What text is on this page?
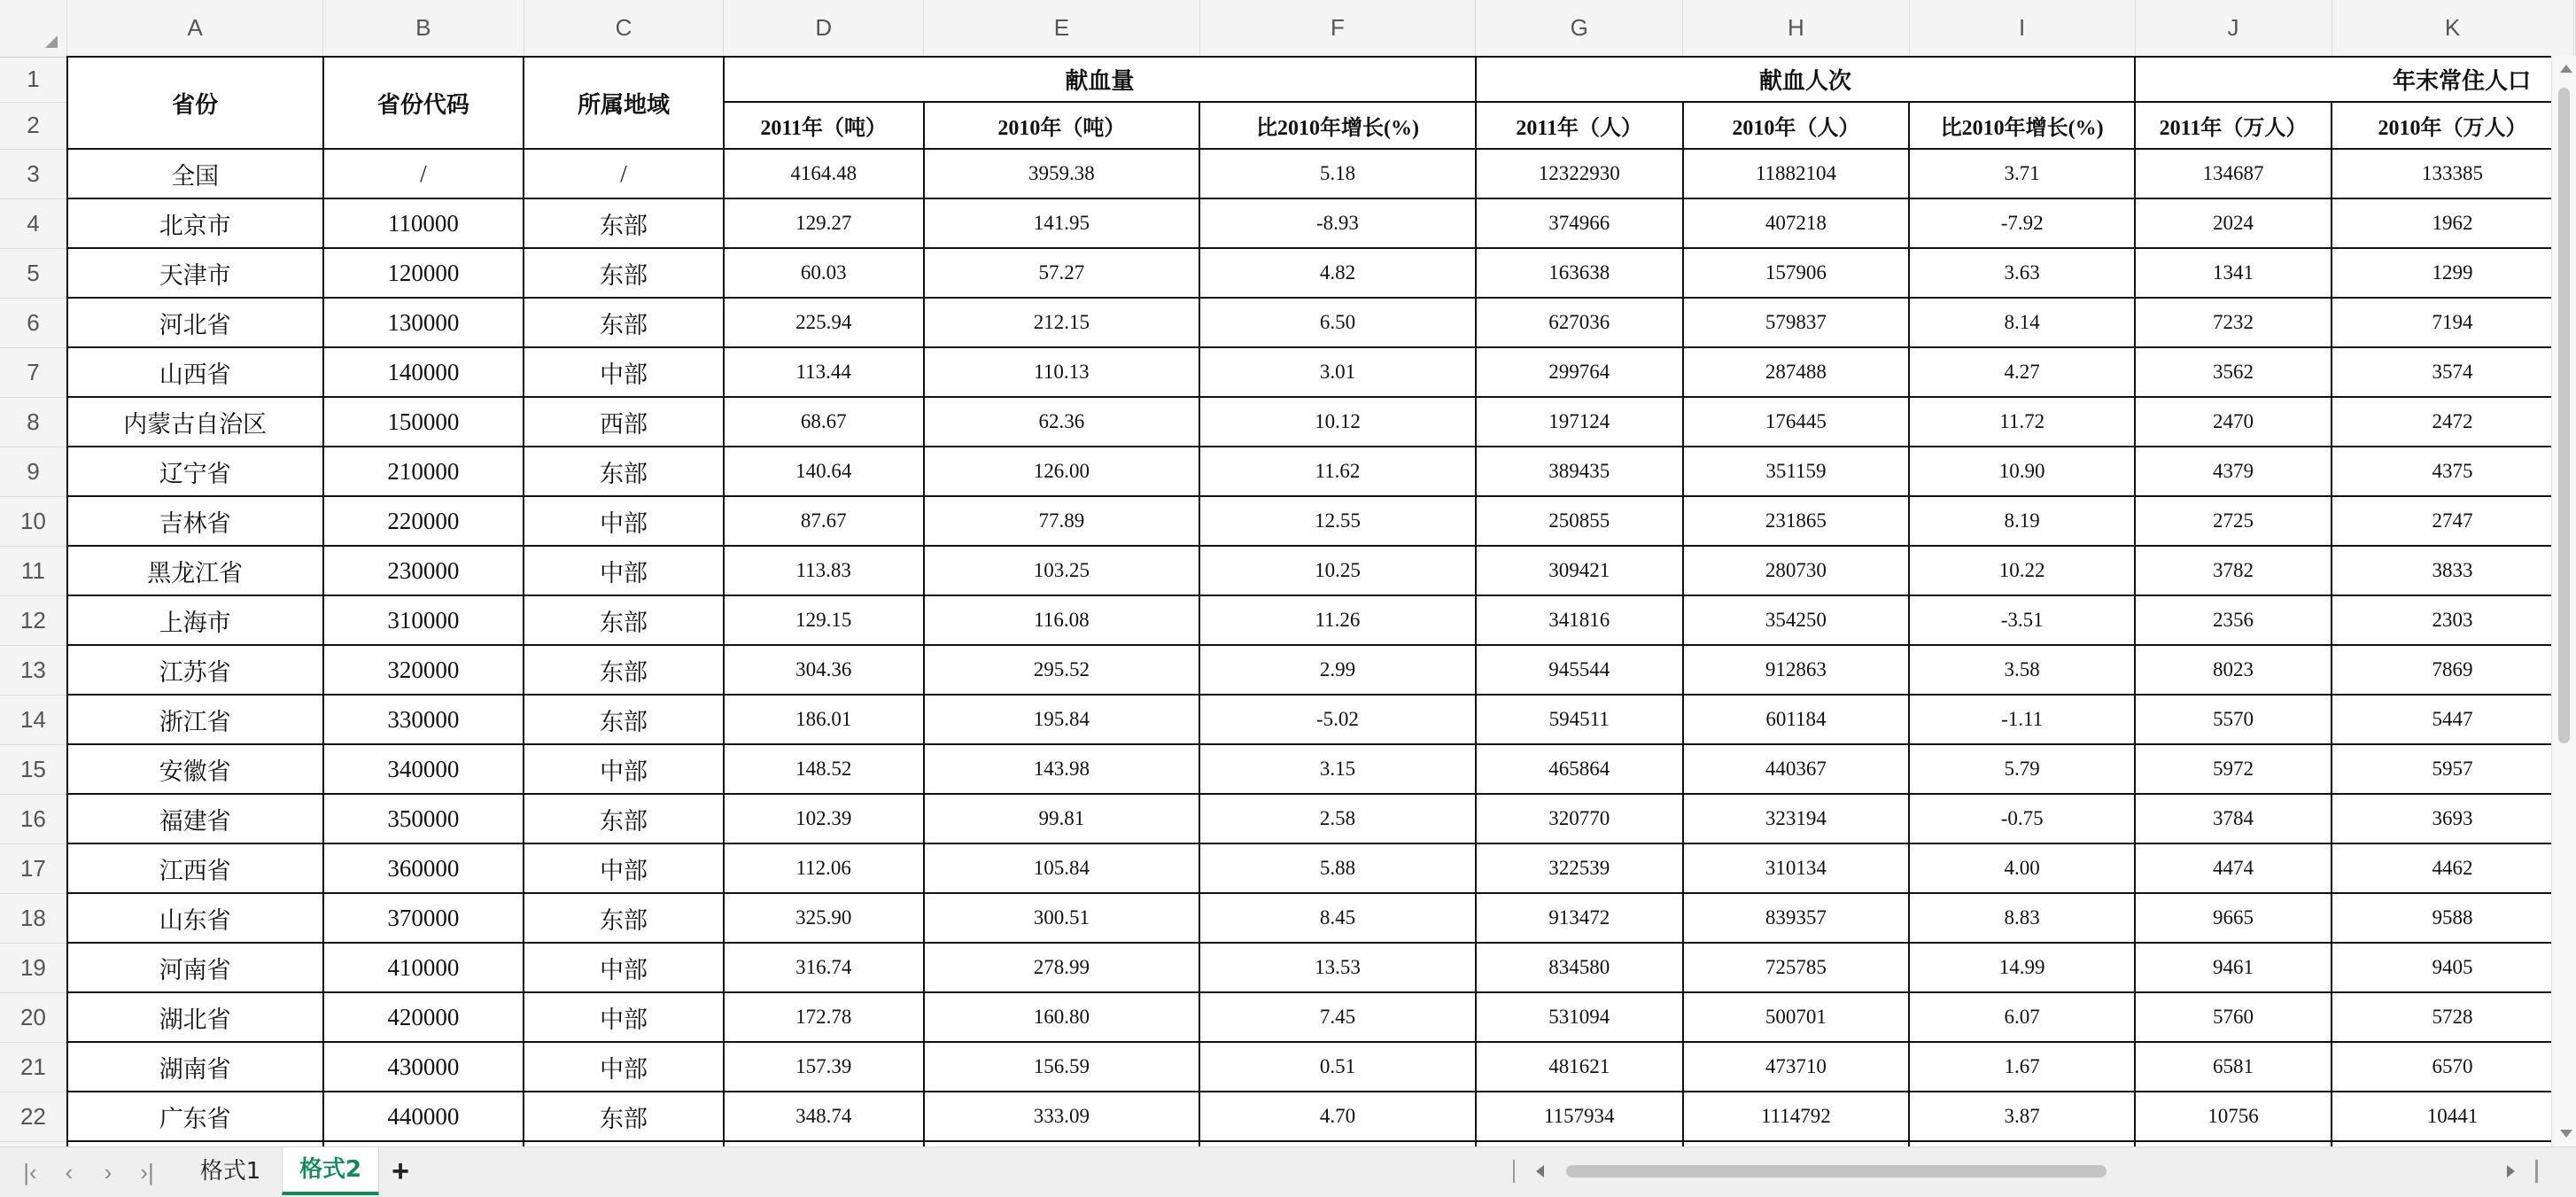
	A	B	C	D	E	F	G	H	I	J	K	
1	省份	省份代码	所属地域	献血量			献血人次			年末常住人口		
2				2011年（吨）	2010年（吨）	比2010年增长(%)	2011年（人）	2010年（人）	比2010年增长(%)	2011年（万人）	2010年（万人）	
3	全国	/	/	4164.48	3959.38	5.18	12322930	11882104	3.71	134687	133385	
4	北京市	110000	东部	129.27	141.95	-8.93	374966	407218	-7.92	2024	1962	
5	天津市	120000	东部	60.03	57.27	4.82	163638	157906	3.63	1341	1299	
6	河北省	130000	东部	225.94	212.15	6.50	627036	579837	8.14	7232	7194	
7	山西省	140000	中部	113.44	110.13	3.01	299764	287488	4.27	3562	3574	
8	内蒙古自治区	150000	西部	68.67	62.36	10.12	197124	176445	11.72	2470	2472	
9	辽宁省	210000	东部	140.64	126.00	11.62	389435	351159	10.90	4379	4375	
10	吉林省	220000	中部	87.67	77.89	12.55	250855	231865	8.19	2725	2747	
11	黑龙江省	230000	中部	113.83	103.25	10.25	309421	280730	10.22	3782	3833	
12	上海市	310000	东部	129.15	116.08	11.26	341816	354250	-3.51	2356	2303	
13	江苏省	320000	东部	304.36	295.52	2.99	945544	912863	3.58	8023	7869	
14	浙江省	330000	东部	186.01	195.84	-5.02	594511	601184	-1.11	5570	5447	
15	安徽省	340000	中部	148.52	143.98	3.15	465864	440367	5.79	5972	5957	
16	福建省	350000	东部	102.39	99.81	2.58	320770	323194	-0.75	3784	3693	
17	江西省	360000	中部	112.06	105.84	5.88	322539	310134	4.00	4474	4462	
18	山东省	370000	东部	325.90	300.51	8.45	913472	839357	8.83	9665	9588	
19	河南省	410000	中部	316.74	278.99	13.53	834580	725785	14.99	9461	9405	
20	湖北省	420000	中部	172.78	160.80	7.45	531094	500701	6.07	5760	5728	
21	湖南省	430000	中部	157.39	156.59	0.51	481621	473710	1.67	6581	6570	
22	广东省	440000	东部	348.74	333.09	4.70	1157934	1114792	3.87	10756	10441	

|‹	‹	›	›|	格式1	格式2	+
